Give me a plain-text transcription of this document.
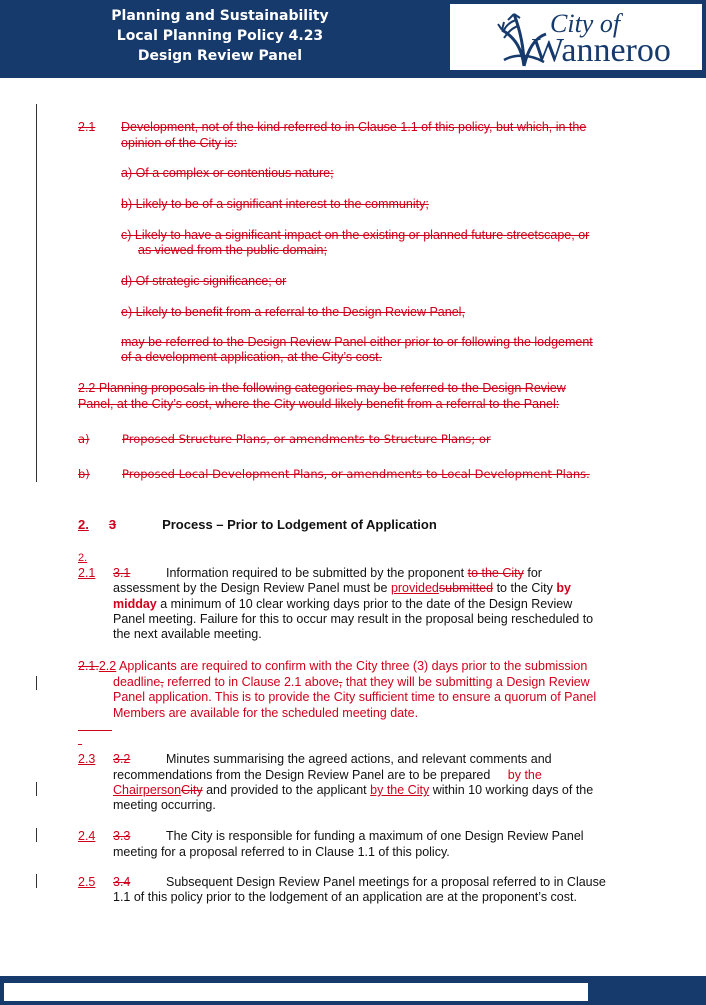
Planning and Sustainability
Local Planning Policy 4.23
Design Review Panel
City of
Wanneroo
2.1 Development, not of the kind referred to in Clause 1.1 of this policy, but which, in the
opinion of the City is:
a) Of a complex or contentious nature;
b) Likely to be of a significant interest to the community;
c) Likely to have a significant impact on the existing or planned future streetscape, or
as viewed from the public domain;
d) Of strategic significance; or
e) Likely to benefit from a referral to the Design Review Panel,
may be referred to the Design Review Panel either prior to or following the lodgement
of a development application, at the City’s cost.
2.2 Planning proposals in the following categories may be referred to the Design Review
Panel, at the City’s cost, where the City would likely benefit from a referral to the Panel:
a)	Proposed Structure Plans, or amendments to Structure Plans; or
b)	Proposed Local Development Plans, or amendments to Local Development Plans.
2. 3	Process – Prior to Lodgement of Application
2.
2.1 3.1	Information required to be submitted by the proponent to the City for
assessment by the Design Review Panel must be providedsubmitted to the City by
midday a minimum of 10 clear working days prior to the date of the Design Review
Panel meeting. Failure for this to occur may result in the proposal being rescheduled to
the next available meeting.
2.1.2.2 Applicants are required to confirm with the City three (3) days prior to the submission
deadline, referred to in Clause 2.1 above, that they will be submitting a Design Review
Panel application. This is to provide the City sufficient time to ensure a quorum of Panel
Members are available for the scheduled meeting date.
2.3 3.2	Minutes summarising the agreed actions, and relevant comments and
recommendations from the Design Review Panel are to be prepared by the
ChairpersonCity and provided to the applicant by the City within 10 working days of the
meeting occurring.
2.4 3.3	The City is responsible for funding a maximum of one Design Review Panel
meeting for a proposal referred to in Clause 1.1 of this policy.
2.5 3.4	Subsequent Design Review Panel meetings for a proposal referred to in Clause
1.1 of this policy prior to the lodgement of an application are at the proponent’s cost.
